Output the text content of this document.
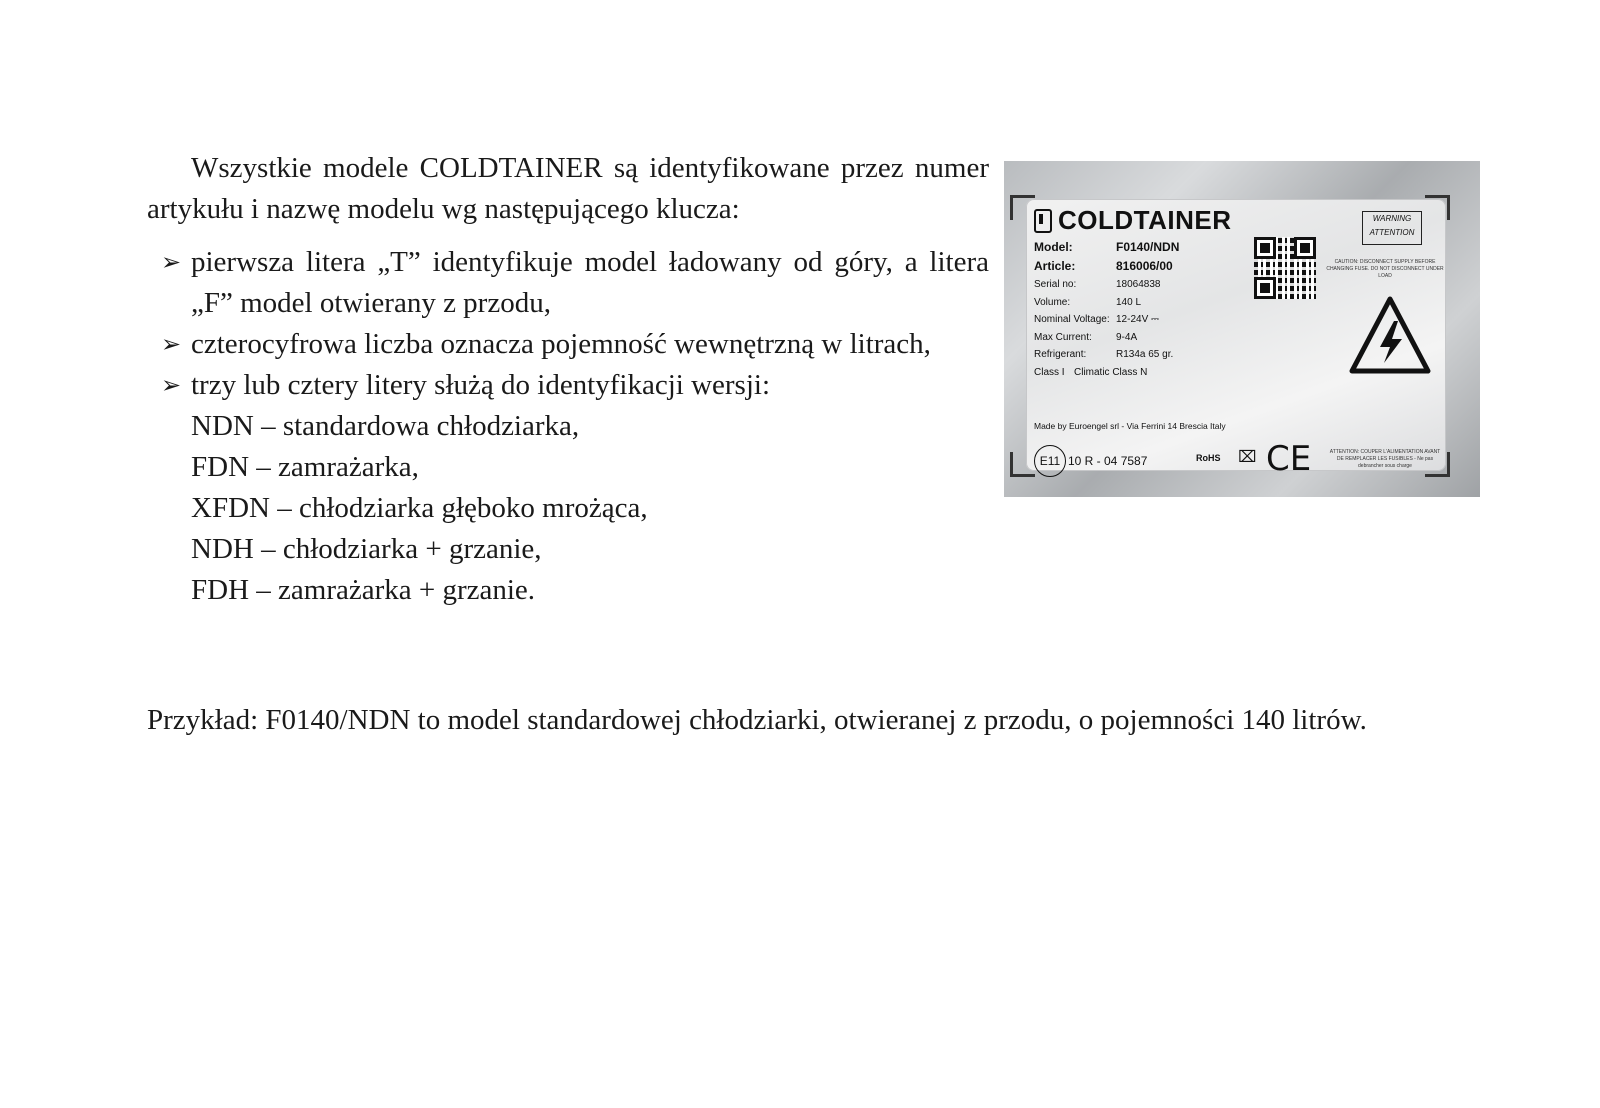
Wszystkie modele COLDTAINER są identyfikowane przez numer artykułu i nazwę modelu wg następującego klucza:

➢ pierwsza litera „T” identyfikuje model ładowany od góry, a litera „F” model otwierany z przodu,
➢ czterocyfrowa liczba oznacza pojemność wewnętrzną w litrach,
➢ trzy lub cztery litery służą do identyfikacji wersji:
NDN – standardowa chłodziarka,
FDN – zamrażarka,
XFDN – chłodziarka głęboko mrożąca,
NDH – chłodziarka + grzanie,
FDH – zamrażarka + grzanie.

Przykład: F0140/NDN to model standardowej chłodziarki, otwieranej z przodu, o pojemności 140 litrów.

COLDTAINER
Model:	F0140/NDN
Article:	816006/00
Serial no:	18064838
Volume:	140 L
Nominal Voltage: 12-24V ⎓
Max Current: 9-4A
Refrigerant:	R134a 65 gr.
Class I Climatic Class N
Made by Euroengel srl - Via Ferrini 14 Brescia Italy
WARNING
ATTENTION
CAUTION: DISCONNECT SUPPLY BEFORE CHANGING FUSE. DO NOT DISCONNECT UNDER LOAD
E11 10 R - 04 7587	RoHS ⌧ CE	ATTENTION: COUPER L'ALIMENTATION AVANT DE REMPLACER LES FUSIBLES - Ne pas debrancher sous charge
